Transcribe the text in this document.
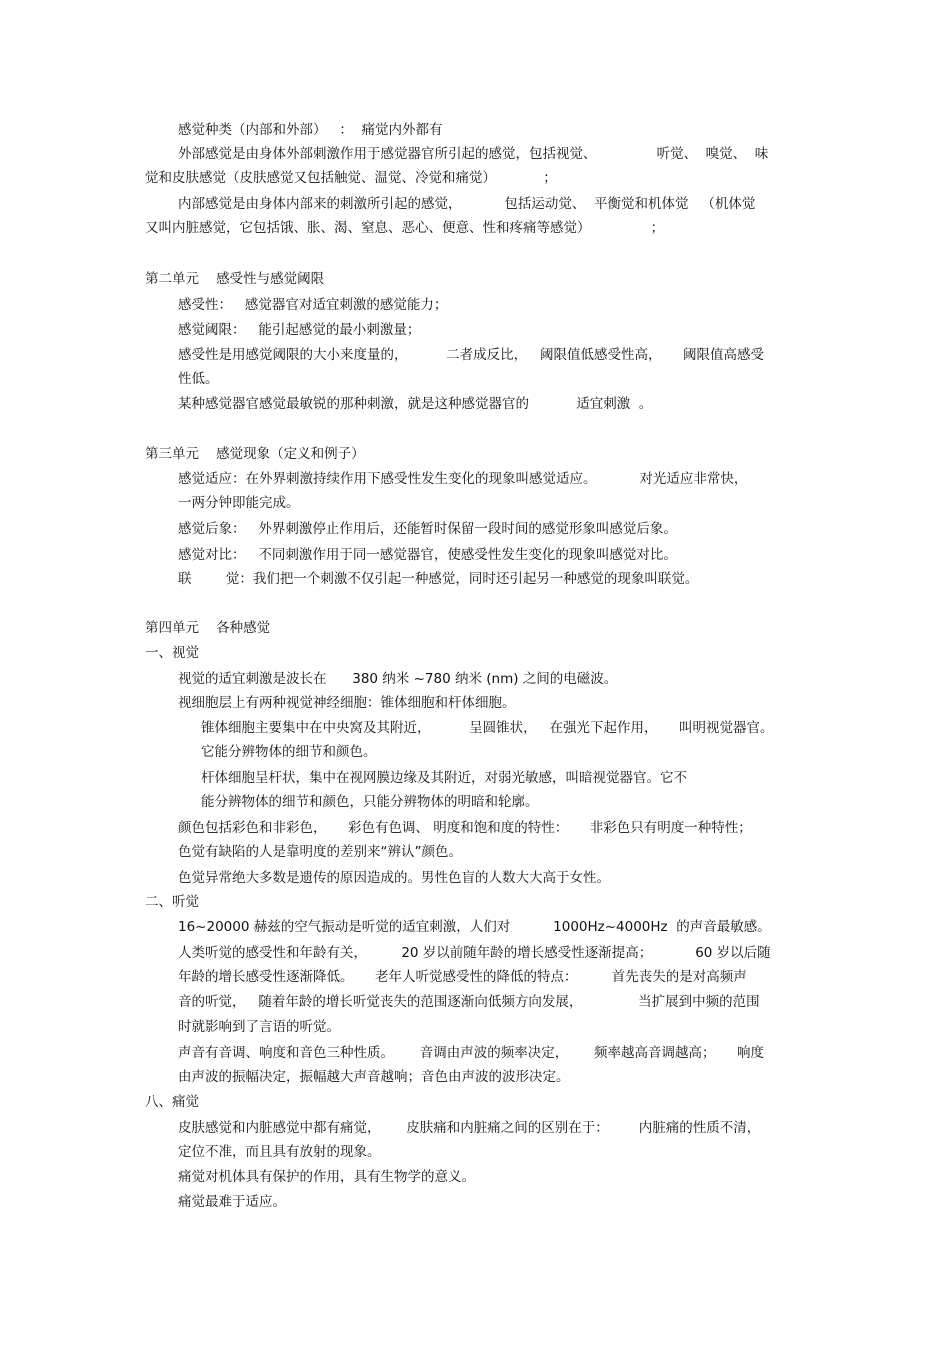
感觉种类（内部和外部）   ：  痛觉内外都有

外部感觉是由身体外部刺激作用于感觉器官所引起的感觉，包括视觉、              听觉、  嗅觉、  味

觉和皮肤感觉（皮肤感觉又包括触觉、温觉、冷觉和痛觉）           ；

内部感觉是由身体内部来的刺激所引起的感觉，          包括运动觉、  平衡觉和机体觉   （机体觉

又叫内脏感觉，它包括饿、胀、渴、窒息、恶心、便意、性和疼痛等感觉）              ；

第二单元    感受性与感觉阈限

感受性：   感觉器官对适宜刺激的感觉能力；

感觉阈限：   能引起感觉的最小刺激量；

感受性是用感觉阈限的大小来度量的，         二者成反比，   阈限值低感受性高，     阈限值高感受

性低。

某种感觉器官感觉最敏锐的那种刺激，就是这种感觉器官的           适宜刺激  。

第三单元    感觉现象（定义和例子）

感觉适应：在外界刺激持续作用下感受性发生变化的现象叫感觉适应。          对光适应非常快，

一两分钟即能完成。

感觉后象：   外界刺激停止作用后，还能暂时保留一段时间的感觉形象叫感觉后象。

感觉对比：   不同刺激作用于同一感觉器官，使感受性发生变化的现象叫感觉对比。

联        觉：我们把一个刺激不仅引起一种感觉，同时还引起另一种感觉的现象叫联觉。

第四单元    各种感觉

一、视觉

视觉的适宜刺激是波长在      380 纳米 ~780 纳米 (nm) 之间的电磁波。

视细胞层上有两种视觉神经细胞：锥体细胞和杆体细胞。

锥体细胞主要集中在中央窝及其附近，         呈圆锥状，   在强光下起作用，     叫明视觉器官。

它能分辨物体的细节和颜色。

杆体细胞呈杆状，集中在视网膜边缘及其附近，对弱光敏感，叫暗视觉器官。它不

能分辨物体的细节和颜色，只能分辨物体的明暗和轮廓。

颜色包括彩色和非彩色，     彩色有色调、 明度和饱和度的特性：     非彩色只有明度一种特性；

色觉有缺陷的人是靠明度的差别来“辨认”颜色。

色觉异常绝大多数是遗传的原因造成的。男性色盲的人数大大高于女性。

二、听觉

16~20000 赫兹的空气振动是听觉的适宜刺激，人们对          1000Hz~4000Hz  的声音最敏感。

人类听觉的感受性和年龄有关，        20 岁以前随年龄的增长感受性逐渐提高；          60 岁以后随

年龄的增长感受性逐渐降低。     老年人听觉感受性的降低的特点：        首先丧失的是对高频声

音的听觉，   随着年龄的增长听觉丧失的范围逐渐向低频方向发展，             当扩展到中频的范围

时就影响到了言语的听觉。

声音有音调、响度和音色三种性质。      音调由声波的频率决定，      频率越高音调越高；     响度

由声波的振幅决定，振幅越大声音越响；音色由声波的波形决定。

八、痛觉

皮肤感觉和内脏感觉中都有痛觉，      皮肤痛和内脏痛之间的区别在于：       内脏痛的性质不清，

定位不准，而且具有放射的现象。

痛觉对机体具有保护的作用，具有生物学的意义。

痛觉最难于适应。
